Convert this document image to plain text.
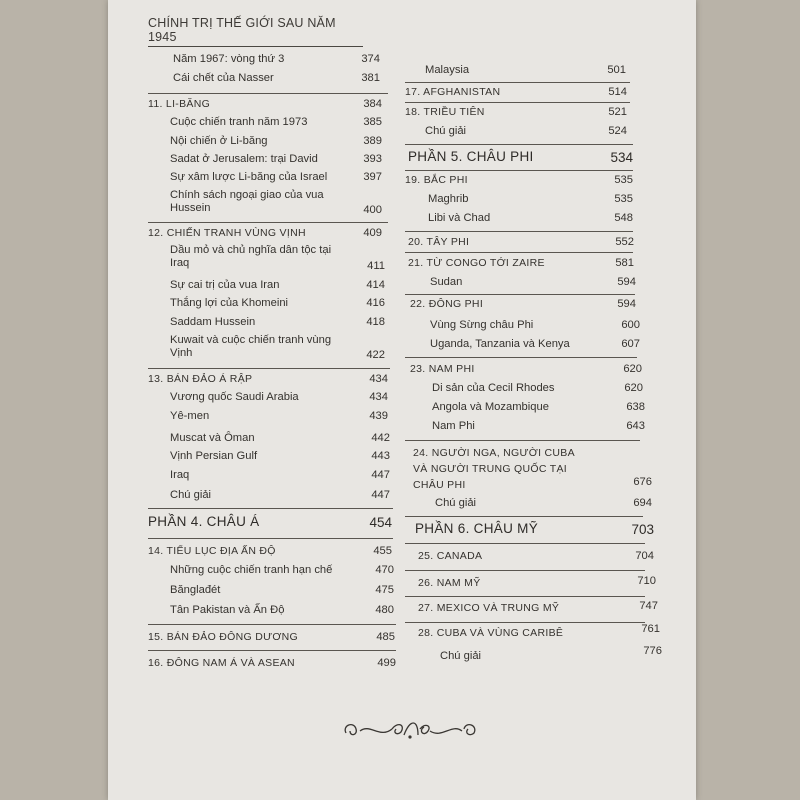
CHÍNH TRỊ THẾ GIỚI SAU NĂM 1945
Năm 1967: vòng thứ 3	374
Cái chết của Nasser	381
11. LI-BĂNG	384
Cuộc chiến tranh năm 1973	385
Nội chiến ở Li-băng	389
Sadat ở Jerusalem: trại David	393
Sự xâm lược Li-băng của Israel	397
Chính sách ngoại giao của vua Hussein	400
12. CHIẾN TRANH VÙNG VỊNH	409
Dầu mỏ và chủ nghĩa dân tộc tại Iraq	411
Sự cai trị của vua Iran	414
Thắng lợi của Khomeini	416
Saddam Hussein	418
Kuwait và cuộc chiến tranh vùng Vịnh	422
13. BÁN ĐẢO Á RẬP	434
Vương quốc Saudi Arabia	434
Yê-men	439
Muscat và Ôman	442
Vịnh Persian Gulf	443
Iraq	447
Chú giải	447
PHẦN 4. CHÂU Á	454
14. TIỂU LỤC ĐỊA ẤN ĐỘ	455
Những cuộc chiến tranh hạn chế	470
Bănglađét	475
Tân Pakistan và Ấn Độ	480
15. BÁN ĐẢO ĐÔNG DƯƠNG	485
16. ĐÔNG NAM Á VÀ ASEAN	499
Malaysia	501
17. AFGHANISTAN	514
18. TRIỀU TIÊN	521
Chú giải	524
PHẦN 5. CHÂU PHI	534
19. BẮC PHI	535
Maghrib	535
Libi và Chad	548
20. TÂY PHI	552
21. TỪ CONGO TỚI ZAIRE	581
Sudan	594
22. ĐÔNG PHI	594
Vùng Sừng châu Phi	600
Uganda, Tanzania và Kenya	607
23. NAM PHI	620
Di sản của Cecil Rhodes	620
Angola và Mozambique	638
Nam Phi	643
24. NGƯỜI NGA, NGƯỜI CUBA VÀ NGƯỜI TRUNG QUỐC TẠI CHÂU PHI	676
Chú giải	694
PHẦN 6. CHÂU MỸ	703
25. CANADA	704
26. NAM MỸ	710
27. MEXICO VÀ TRUNG MỸ	747
28. CUBA VÀ VÙNG CARIBÊ	761
Chú giải	776
